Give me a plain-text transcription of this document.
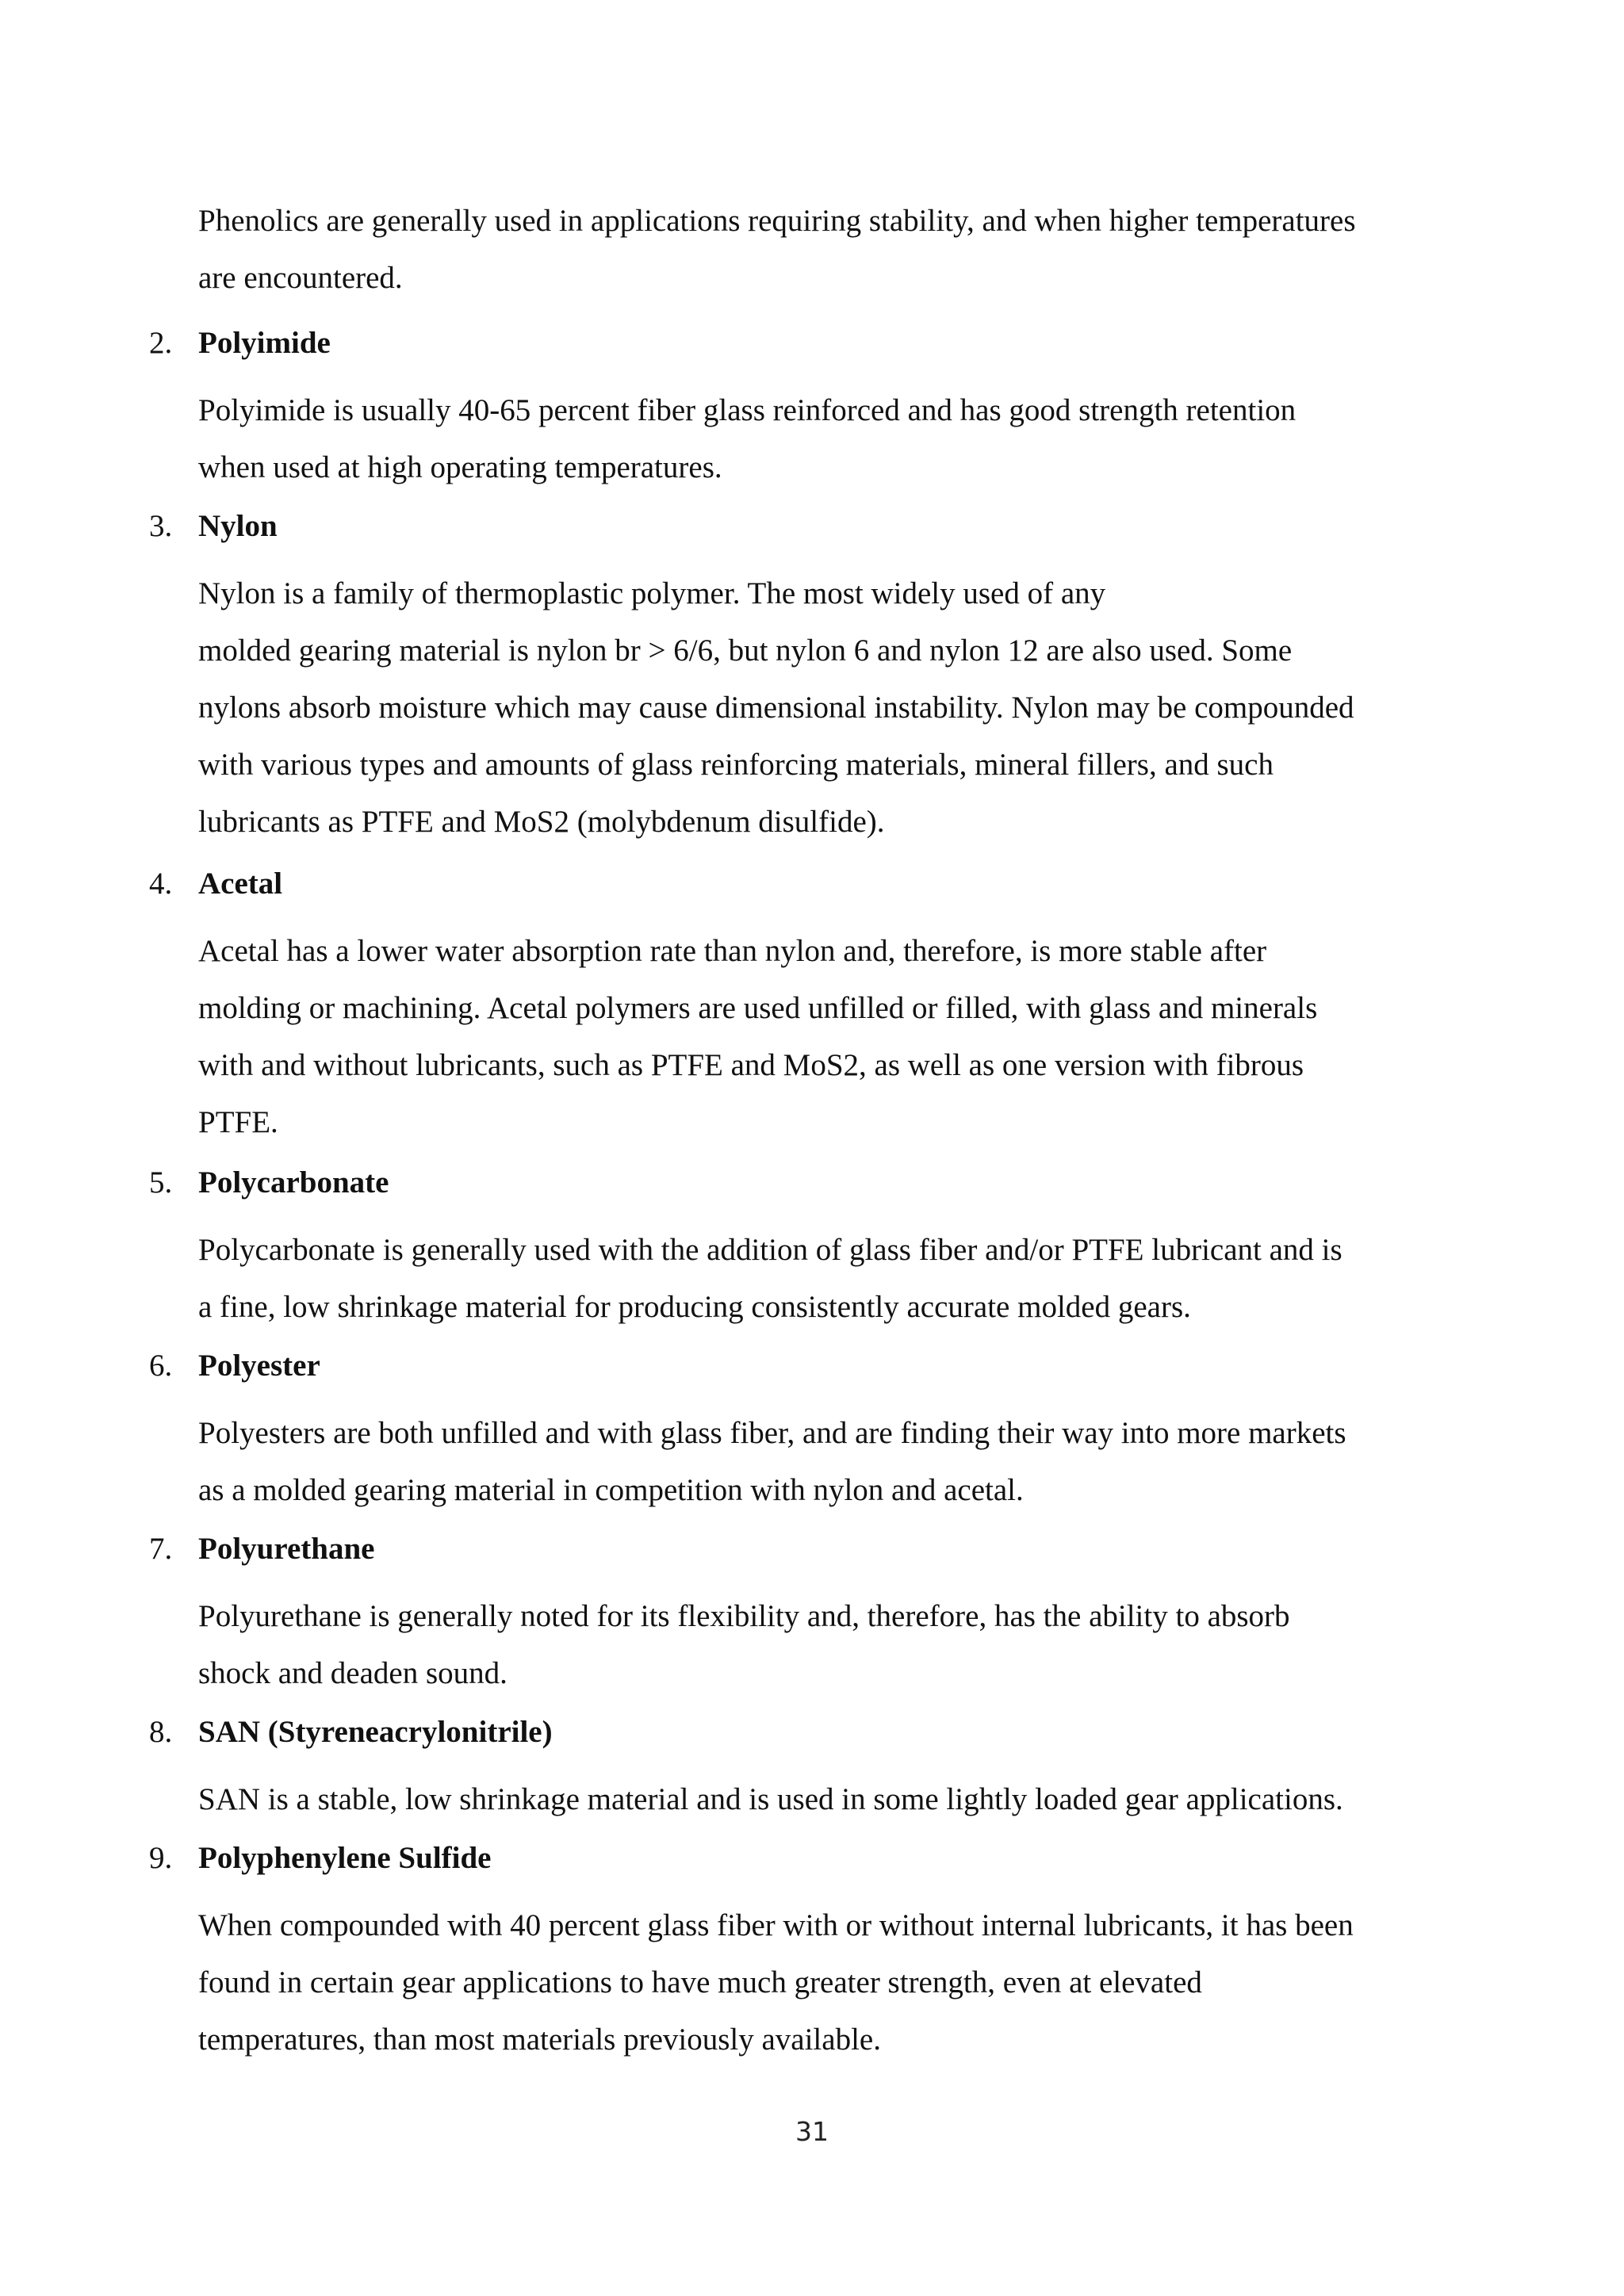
Phenolics are generally used in applications requiring stability, and when higher temperatures
are encountered.
2. Polyimide
Polyimide is usually 40-65 percent fiber glass reinforced and has good strength retention
when used at high operating temperatures.
3. Nylon
Nylon is a family of thermoplastic polymer. The most widely used of any
molded gearing material is nylon br > 6/6, but nylon 6 and nylon 12 are also used. Some
nylons absorb moisture which may cause dimensional instability. Nylon may be compounded
with various types and amounts of glass reinforcing materials, mineral fillers, and such
lubricants as PTFE and MoS2 (molybdenum disulfide).
4. Acetal
Acetal has a lower water absorption rate than nylon and, therefore, is more stable after
molding or machining. Acetal polymers are used unfilled or filled, with glass and minerals
with and without lubricants, such as PTFE and MoS2, as well as one version with fibrous
PTFE.
5. Polycarbonate
Polycarbonate is generally used with the addition of glass fiber and/or PTFE lubricant and is
a fine, low shrinkage material for producing consistently accurate molded gears.
6. Polyester
Polyesters are both unfilled and with glass fiber, and are finding their way into more markets
as a molded gearing material in competition with nylon and acetal.
7. Polyurethane
Polyurethane is generally noted for its flexibility and, therefore, has the ability to absorb
shock and deaden sound.
8. SAN (Styreneacrylonitrile)
SAN is a stable, low shrinkage material and is used in some lightly loaded gear applications.
9. Polyphenylene Sulfide
When compounded with 40 percent glass fiber with or without internal lubricants, it has been
found in certain gear applications to have much greater strength, even at elevated
temperatures, than most materials previously available.
31
